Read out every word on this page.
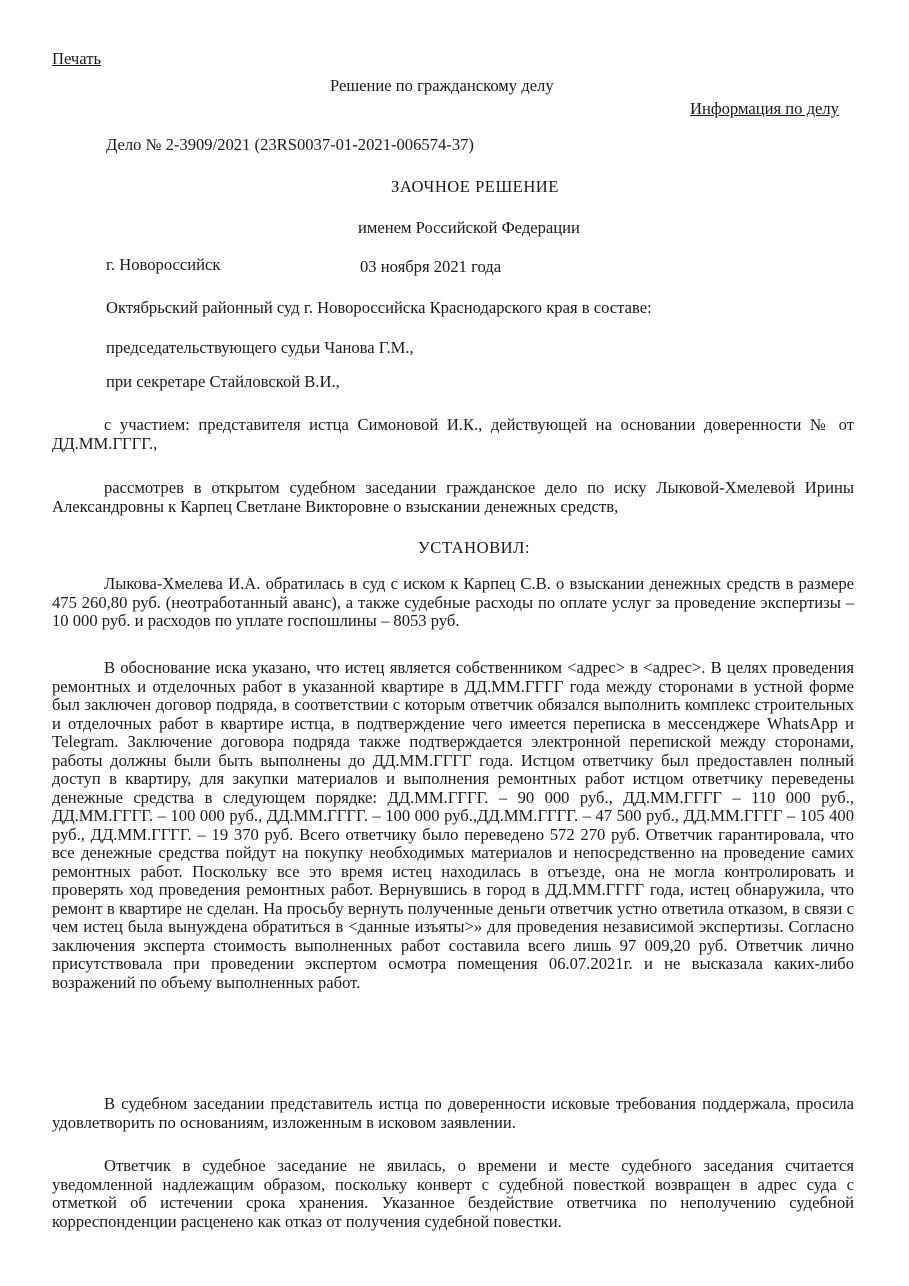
Печать
Решение по гражданскому делу
Информация по делу
Дело № 2-3909/2021 (23RS0037-01-2021-006574-37)
ЗАОЧНОЕ РЕШЕНИЕ
именем Российской Федерации
г. Новороссийск	03 ноября 2021 года
Октябрьский районный суд г. Новороссийска Краснодарского края в составе:
председательствующего судьи Чанова Г.М.,
при секретаре Стайловской В.И.,
с участием: представителя истца Симоновой И.К., действующей на основании доверенности № от ДД.ММ.ГГГГ.,
рассмотрев в открытом судебном заседании гражданское дело по иску Лыковой-Хмелевой Ирины Александровны к Карпец Светлане Викторовне о взыскании денежных средств,
УСТАНОВИЛ:
Лыкова-Хмелева И.А. обратилась в суд с иском к Карпец С.В. о взыскании денежных средств в размере 475 260,80 руб. (неотработанный аванс), а также судебные расходы по оплате услуг за проведение экспертизы – 10 000 руб. и расходов по уплате госпошлины – 8053 руб.
В обоснование иска указано, что истец является собственником <адрес> в <адрес>. В целях проведения ремонтных и отделочных работ в указанной квартире в ДД.ММ.ГГГГ года между сторонами в устной форме был заключен договор подряда, в соответствии с которым ответчик обязался выполнить комплекс строительных и отделочных работ в квартире истца, в подтверждение чего имеется переписка в мессенджере WhatsApp и Telegram. Заключение договора подряда также подтверждается электронной перепиской между сторонами, работы должны были быть выполнены до ДД.ММ.ГГГГ года. Истцом ответчику был предоставлен полный доступ в квартиру, для закупки материалов и выполнения ремонтных работ истцом ответчику переведены денежные средства в следующем порядке: ДД.ММ.ГГГГ. – 90 000 руб., ДД.ММ.ГГГГ – 110 000 руб., ДД.ММ.ГГГГ. – 100 000 руб., ДД.ММ.ГГГГ. – 100 000 руб.,ДД.ММ.ГГГГ. – 47 500 руб., ДД.ММ.ГГГГ – 105 400 руб., ДД.ММ.ГГГГ. – 19 370 руб. Всего ответчику было переведено 572 270 руб. Ответчик гарантировала, что все денежные средства пойдут на покупку необходимых материалов и непосредственно на проведение самих ремонтных работ. Поскольку все это время истец находилась в отъезде, она не могла контролировать и проверять ход проведения ремонтных работ. Вернувшись в город в ДД.ММ.ГГГГ года, истец обнаружила, что ремонт в квартире не сделан. На просьбу вернуть полученные деньги ответчик устно ответила отказом, в связи с чем истец была вынуждена обратиться в <данные изъяты>» для проведения независимой экспертизы. Согласно заключения эксперта стоимость выполненных работ составила всего лишь 97 009,20 руб. Ответчик лично присутствовала при проведении экспертом осмотра помещения 06.07.2021г. и не высказала каких-либо возражений по объему выполненных работ.
В судебном заседании представитель истца по доверенности исковые требования поддержала, просила удовлетворить по основаниям, изложенным в исковом заявлении.
Ответчик в судебное заседание не явилась, о времени и месте судебного заседания считается уведомленной надлежащим образом, поскольку конверт с судебной повесткой возвращен в адрес суда с отметкой об истечении срока хранения. Указанное бездействие ответчика по неполучению судебной корреспонденции расценено как отказ от получения судебной повестки.
